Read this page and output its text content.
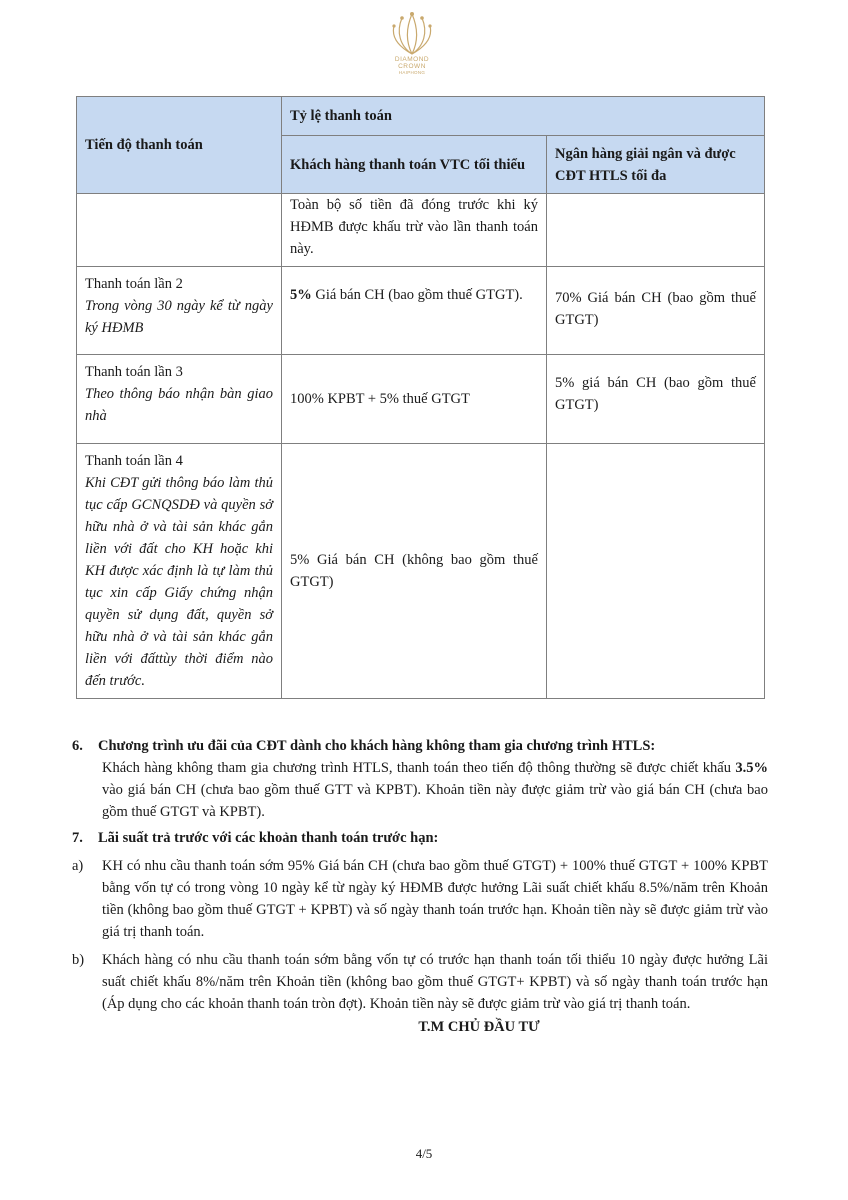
DIAMOND
CROWN
HAIPHONG
Tiến độ thanh toán	Tỷ lệ thanh toán	
	Khách hàng thanh toán VTC tối thiểu	Ngân hàng giải ngân và được CĐT HTLS tối đa
	Toàn bộ số tiền đã đóng trước khi ký HĐMB được khấu trừ vào lần thanh toán này.	

Thanh toán lần 2
Trong vòng 30 ngày kể từ ngày ký HĐMB	5% Giá bán CH (bao gồm thuế GTGT).	70% Giá bán CH (bao gồm thuế GTGT)

Thanh toán lần 3
Theo thông báo nhận bàn giao nhà	100% KPBT + 5% thuế GTGT	5% giá bán CH (bao gồm thuế GTGT)

Thanh toán lần 4
Khi CĐT gửi thông báo làm thủ tục cấp GCNQSDĐ và quyền sở hữu nhà ở và tài sản khác gắn liền với đất cho KH hoặc khi KH được xác định là tự làm thủ tục xin cấp Giấy chứng nhận quyền sử dụng đất, quyền sở hữu nhà ở và tài sản khác gắn liền với đấttùy thời điểm nào đến trước.	5% Giá bán CH (không bao gồm thuế GTGT)	
6. Chương trình ưu đãi của CĐT dành cho khách hàng không tham gia chương trình HTLS:
Khách hàng không tham gia chương trình HTLS, thanh toán theo tiến độ thông thường sẽ được chiết khấu 3.5% vào giá bán CH (chưa bao gồm thuế GTT và KPBT). Khoản tiền này được giảm trừ vào giá bán CH (chưa bao gồm thuế GTGT và KPBT).
7. Lãi suất trả trước với các khoản thanh toán trước hạn:
a)	KH có nhu cầu thanh toán sớm 95% Giá bán CH (chưa bao gồm thuế GTGT) + 100% thuế GTGT + 100% KPBT bằng vốn tự có trong vòng 10 ngày kể từ ngày ký HĐMB được hưởng Lãi suất chiết khấu 8.5%/năm trên Khoản tiền (không bao gồm thuế GTGT + KPBT) và số ngày thanh toán trước hạn. Khoản tiền này sẽ được giảm trừ vào giá trị thanh toán.
b)	Khách hàng có nhu cầu thanh toán sớm bằng vốn tự có trước hạn thanh toán tối thiểu 10 ngày được hưởng Lãi suất chiết khấu 8%/năm trên Khoản tiền (không bao gồm thuế GTGT+ KPBT) và số ngày thanh toán trước hạn (Áp dụng cho các khoản thanh toán tròn đợt). Khoản tiền này sẽ được giảm trừ vào giá trị thanh toán.
T.M CHỦ ĐẦU TƯ
4/5
